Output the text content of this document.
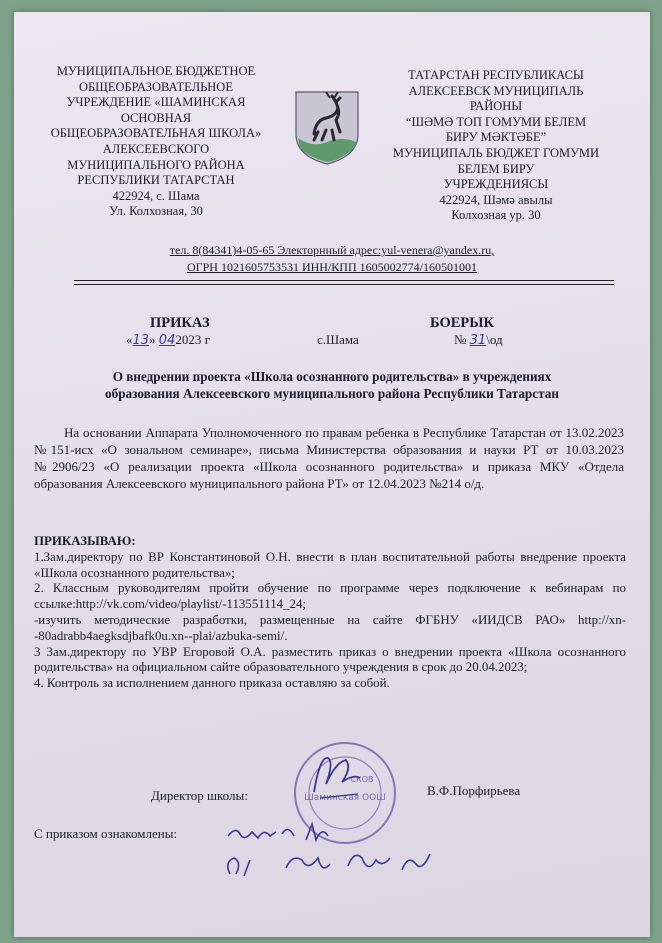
МУНИЦИПАЛЬНОЕ БЮДЖЕТНОЕ
ОБЩЕОБРАЗОВАТЕЛЬНОЕ
УЧРЕЖДЕНИЕ «ШАМИНСКАЯ
ОСНОВНАЯ
ОБЩЕОБРАЗОВАТЕЛЬНАЯ ШКОЛА»
АЛЕКСЕЕВСКОГО
МУНИЦИПАЛЬНОГО РАЙОНА
РЕСПУБЛИКИ ТАТАРСТАН
422924, с. Шама
Ул. Колхозная, 30
ТАТАРСТАН РЕСПУБЛИКАСЫ
АЛЕКСЕЕВСК МУНИЦИПАЛЬ
РАЙОНЫ
“ШӘМӘ ТОП ГОМУМИ БЕЛЕМ
БИРУ МӘКТӘБЕ”
МУНИЦИПАЛЬ БЮДЖЕТ ГОМУМИ
БЕЛЕМ БИРУ
УЧРЕЖДЕНИЯСЫ
422924, Шәмә авылы
Колхозная ур. 30
тел. 8(84341)4-05-65 Электорнный адрес:yul-venera@yandex.ru,
ОГРН 1021605753531 ИНН/КПП 1605002774/160501001
ПРИКАЗ	БОЕРЫК
«13» 042023 г	с.Шама	№ 31\од
О внедрении проекта «Школа осознанного родительства» в учреждениях
образования Алексеевского муниципального района Республики Татарстан
На основании Аппарата Уполномоченного по правам ребенка в Республике Татарстан от 13.02.2023 №151-исх «О зональном семинаре», письма Министерства образования и науки РТ от 10.03.2023 №2906/23 «О реализации проекта «Школа осознанного родительства» и приказа МКУ «Отдела образования Алексеевского муниципального района РТ» от 12.04.2023 №214 о/д.

ПРИКАЗЫВАЮ:

1.Зам.директору по ВР Константиновой О.Н. внести в план воспитательной работы внедрение проекта «Школа осознанного родительства»;

2. Классным руководителям пройти обучение по программе через подключение к вебинарам по ссылке:http://vk.com/video/playlist/-113551114_24;

-изучить методические разработки, размещенные на сайте ФГБНУ «ИИДСВ РАО» http://xn--80adrabb4aegksdjbafk0u.xn--plai/azbuka-semi/.

3 Зам.директору по УВР Егоровой О.А. разместить приказ о внедрении проекта «Школа осознанного родительства» на официальном сайте образовательного учреждения в срок до 20.04.2023;

4. Контроль за исполнением данного приказа оставляю за собой.

Шаминская ООШ
СКОВ
Директор школы:	В.Ф.Порфирьева
С приказом ознакомлены:
